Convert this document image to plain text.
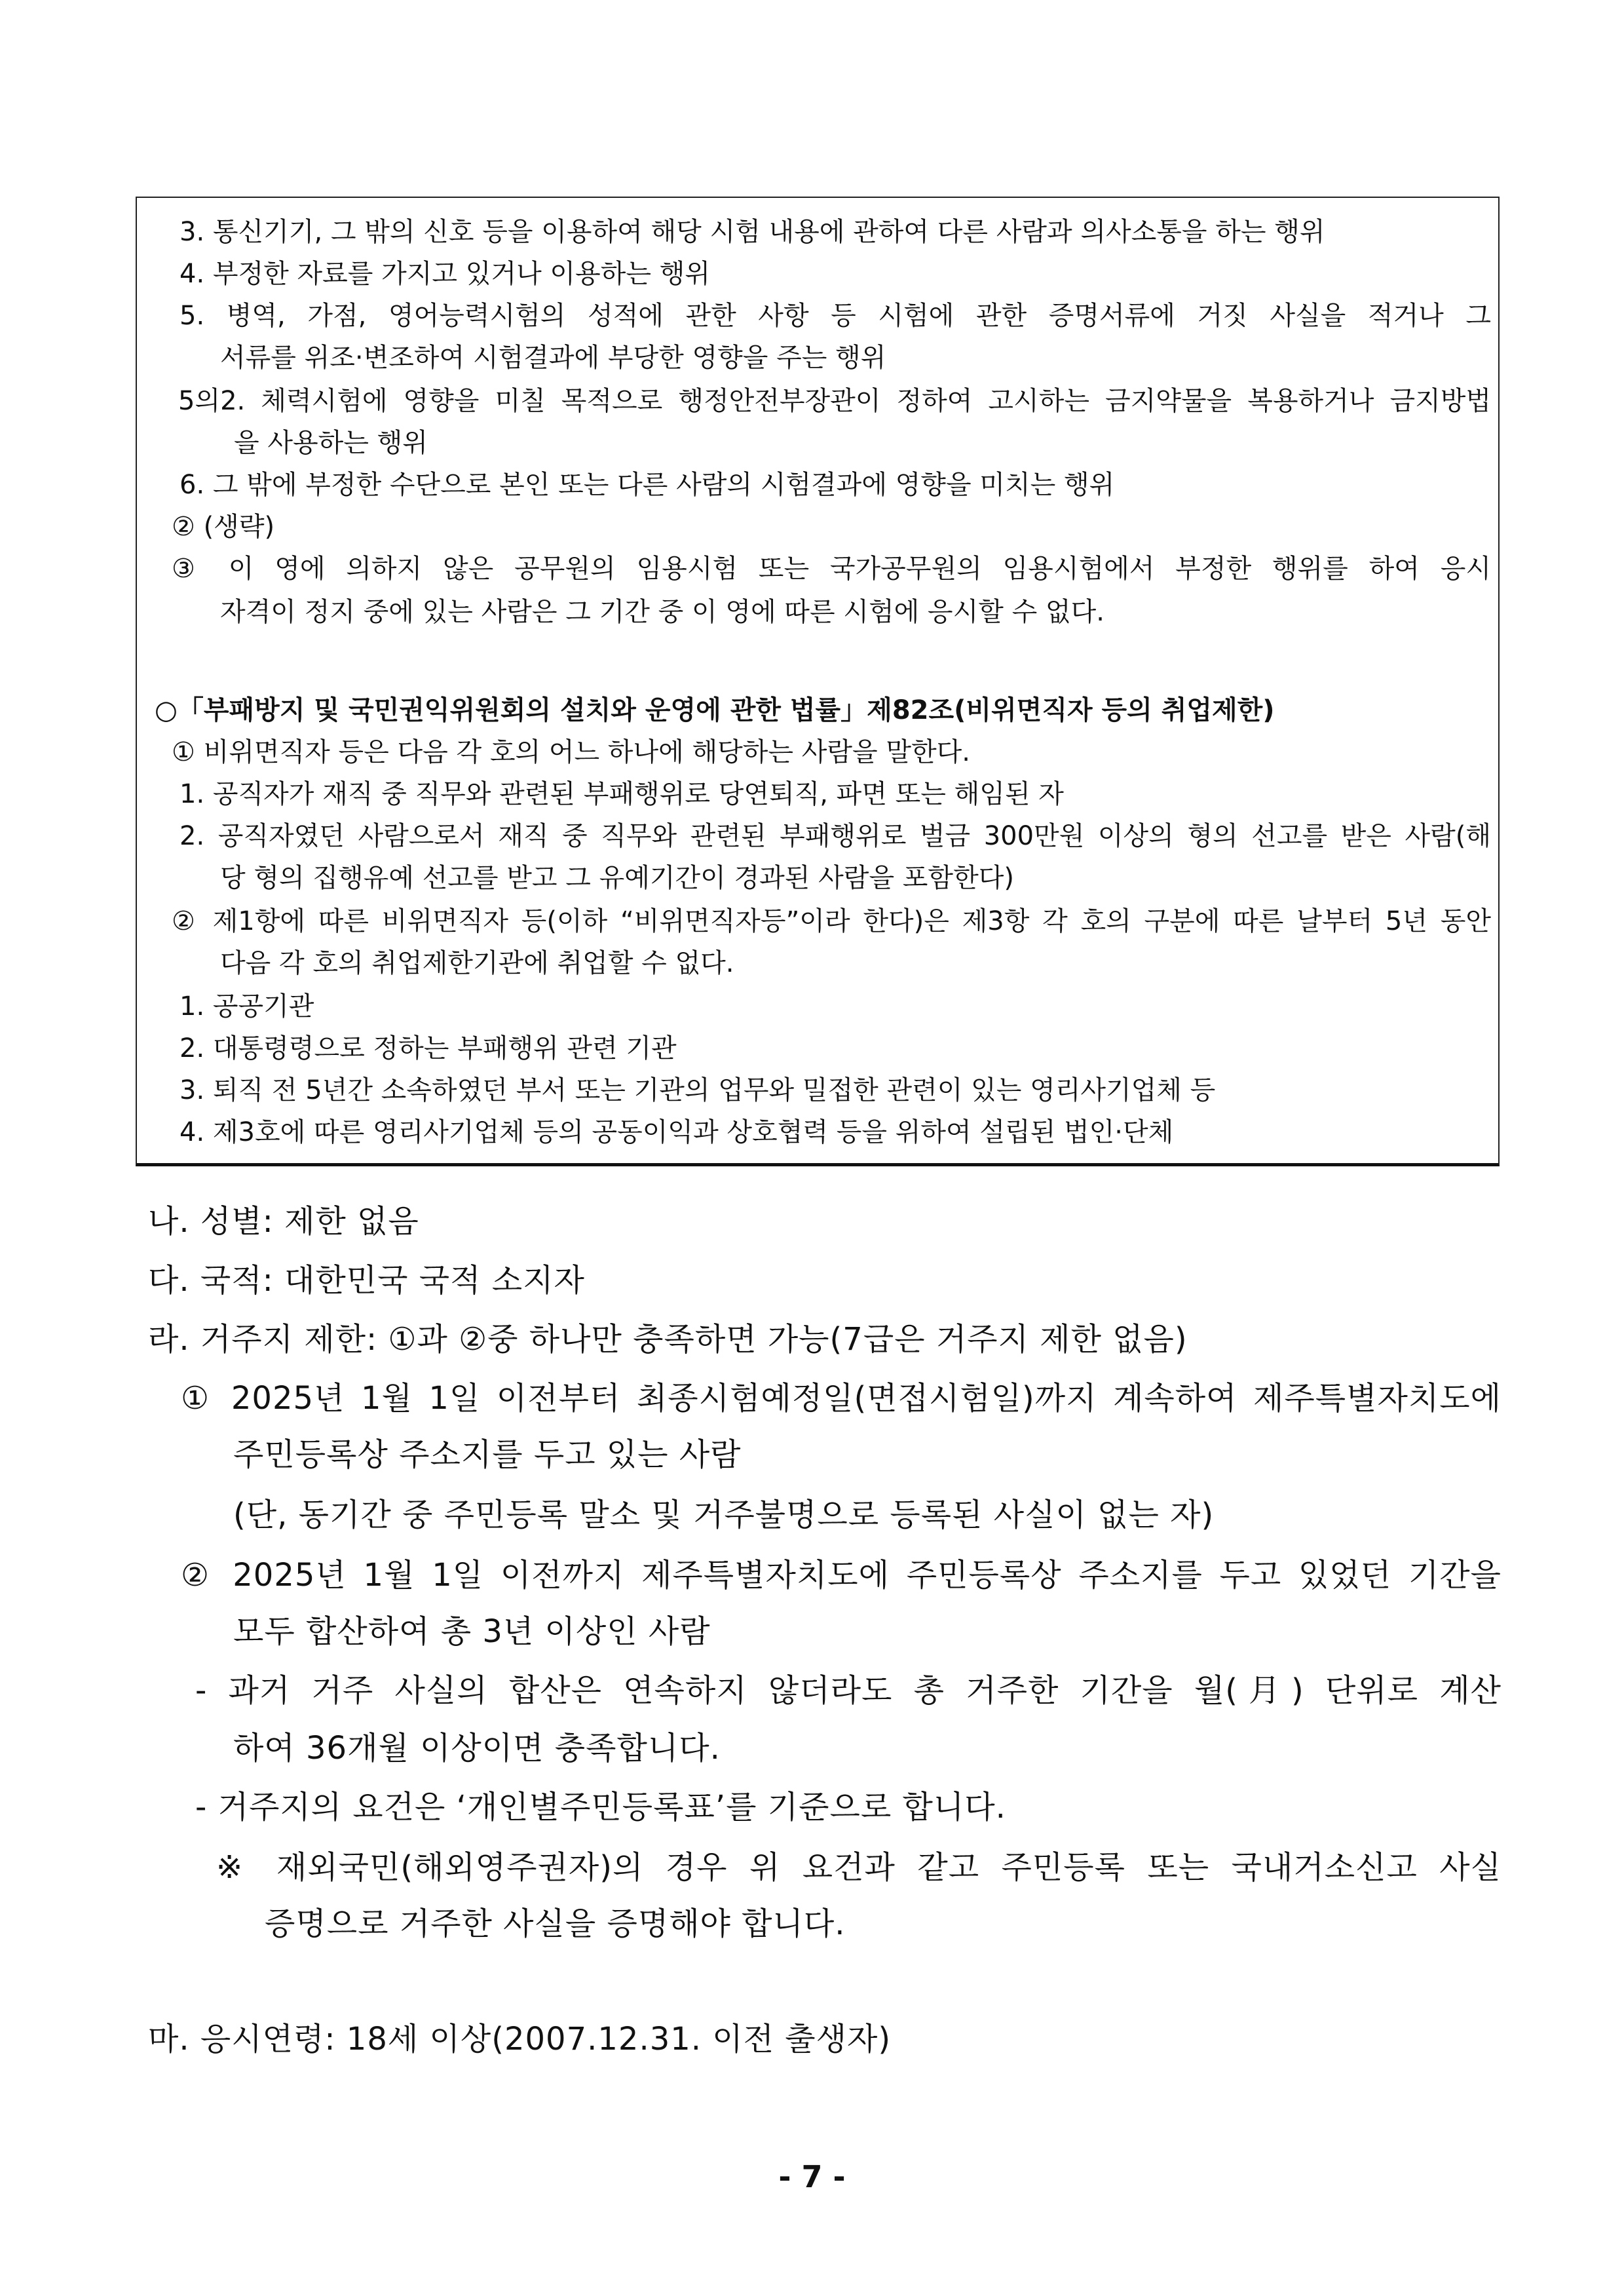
3. 통신기기, 그 밖의 신호 등을 이용하여 해당 시험 내용에 관하여 다른 사람과 의사소통을 하는 행위
4. 부정한 자료를 가지고 있거나 이용하는 행위
5. 병역, 가점, 영어능력시험의 성적에 관한 사항 등 시험에 관한 증명서류에 거짓 사실을 적거나 그
서류를 위조·변조하여 시험결과에 부당한 영향을 주는 행위
5의2. 체력시험에 영향을 미칠 목적으로 행정안전부장관이 정하여 고시하는 금지약물을 복용하거나 금지방법
을 사용하는 행위
6. 그 밖에 부정한 수단으로 본인 또는 다른 사람의 시험결과에 영향을 미치는 행위
② (생략)
③ 이 영에 의하지 않은 공무원의 임용시험 또는 국가공무원의 임용시험에서 부정한 행위를 하여 응시
자격이 정지 중에 있는 사람은 그 기간 중 이 영에 따른 시험에 응시할 수 없다.
○「부패방지 및 국민권익위원회의 설치와 운영에 관한 법률」제82조(비위면직자 등의 취업제한)
① 비위면직자 등은 다음 각 호의 어느 하나에 해당하는 사람을 말한다.
1. 공직자가 재직 중 직무와 관련된 부패행위로 당연퇴직, 파면 또는 해임된 자
2. 공직자였던 사람으로서 재직 중 직무와 관련된 부패행위로 벌금 300만원 이상의 형의 선고를 받은 사람(해
당 형의 집행유예 선고를 받고 그 유예기간이 경과된 사람을 포함한다)
② 제1항에 따른 비위면직자 등(이하 “비위면직자등”이라 한다)은 제3항 각 호의 구분에 따른 날부터 5년 동안
다음 각 호의 취업제한기관에 취업할 수 없다.
1. 공공기관
2. 대통령령으로 정하는 부패행위 관련 기관
3. 퇴직 전 5년간 소속하였던 부서 또는 기관의 업무와 밀접한 관련이 있는 영리사기업체 등
4. 제3호에 따른 영리사기업체 등의 공동이익과 상호협력 등을 위하여 설립된 법인·단체
나. 성별: 제한 없음
다. 국적: 대한민국 국적 소지자
라. 거주지 제한: ①과 ②중 하나만 충족하면 가능(7급은 거주지 제한 없음)
① 2025년 1월 1일 이전부터 최종시험예정일(면접시험일)까지 계속하여 제주특별자치도에
주민등록상 주소지를 두고 있는 사람
(단, 동기간 중 주민등록 말소 및 거주불명으로 등록된 사실이 없는 자)
② 2025년 1월 1일 이전까지 제주특별자치도에 주민등록상 주소지를 두고 있었던 기간을
모두 합산하여 총 3년 이상인 사람
- 과거 거주 사실의 합산은 연속하지 않더라도 총 거주한 기간을 월(月) 단위로 계산
하여 36개월 이상이면 충족합니다.
- 거주지의 요건은 ‘개인별주민등록표’를 기준으로 합니다.
※ 재외국민(해외영주권자)의 경우 위 요건과 같고 주민등록 또는 국내거소신고 사실
증명으로 거주한 사실을 증명해야 합니다.
마. 응시연령: 18세 이상(2007.12.31. 이전 출생자)
- 7 -
